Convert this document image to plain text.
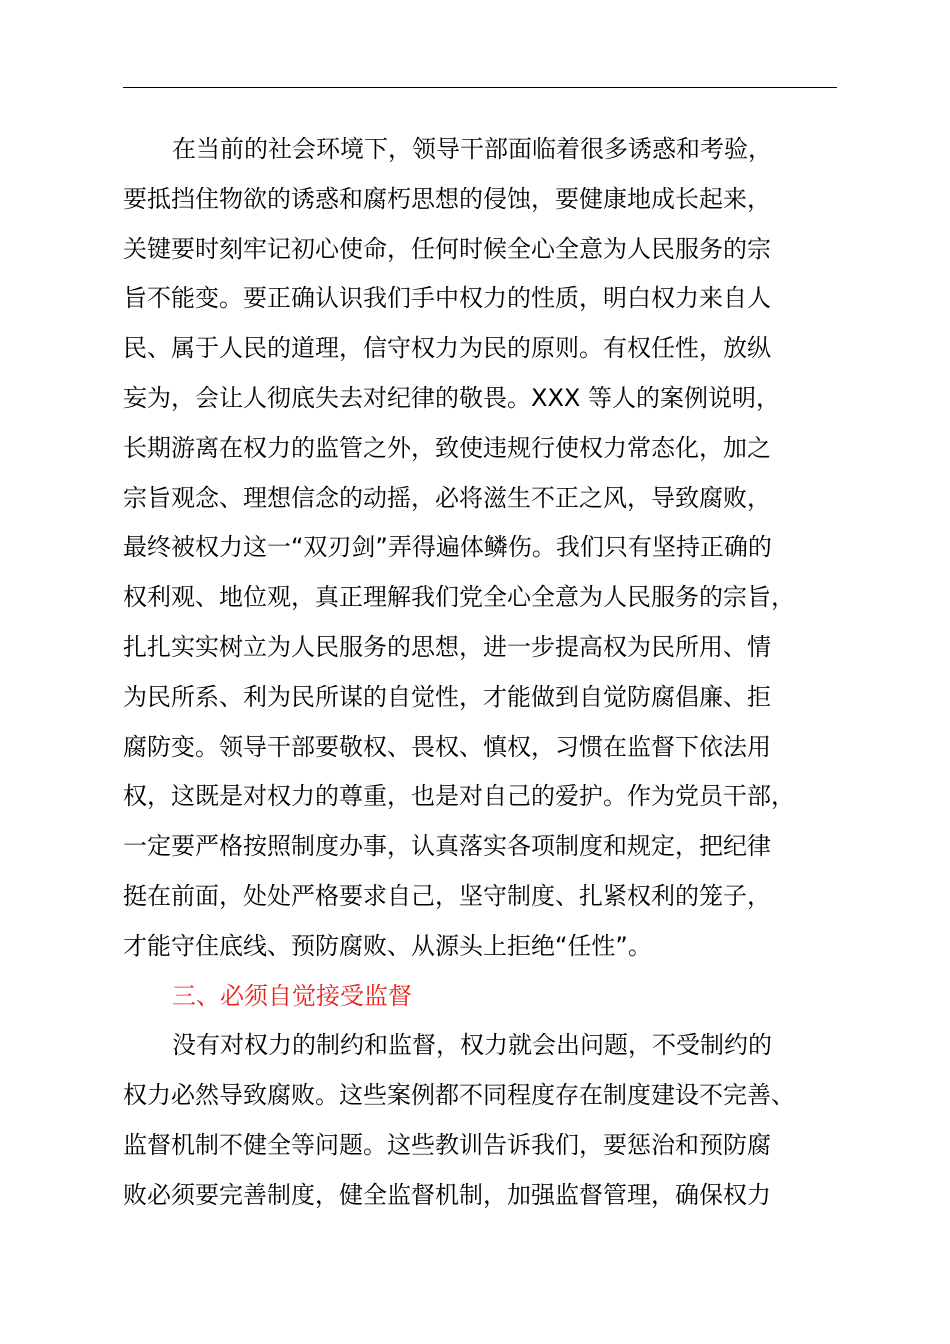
在当前的社会环境下，领导干部面临着很多诱惑和考验，
要抵挡住物欲的诱惑和腐朽思想的侵蚀，要健康地成长起来，
关键要时刻牢记初心使命，任何时候全心全意为人民服务的宗
旨不能变。要正确认识我们手中权力的性质，明白权力来自人
民、属于人民的道理，信守权力为民的原则。有权任性，放纵
妄为，会让人彻底失去对纪律的敬畏。XXX 等人的案例说明，
长期游离在权力的监管之外，致使违规行使权力常态化，加之
宗旨观念、理想信念的动摇，必将滋生不正之风，导致腐败，
最终被权力这一“双刃剑”弄得遍体鳞伤。我们只有坚持正确的
权利观、地位观，真正理解我们党全心全意为人民服务的宗旨，
扎扎实实树立为人民服务的思想，进一步提高权为民所用、情
为民所系、利为民所谋的自觉性，才能做到自觉防腐倡廉、拒
腐防变。领导干部要敬权、畏权、慎权，习惯在监督下依法用
权，这既是对权力的尊重，也是对自己的爱护。作为党员干部，
一定要严格按照制度办事，认真落实各项制度和规定，把纪律
挺在前面，处处严格要求自己，坚守制度、扎紧权利的笼子，
才能守住底线、预防腐败、从源头上拒绝“任性”。
三、必须自觉接受监督
没有对权力的制约和监督，权力就会出问题，不受制约的
权力必然导致腐败。这些案例都不同程度存在制度建设不完善、
监督机制不健全等问题。这些教训告诉我们，要惩治和预防腐
败必须要完善制度，健全监督机制，加强监督管理，确保权力
